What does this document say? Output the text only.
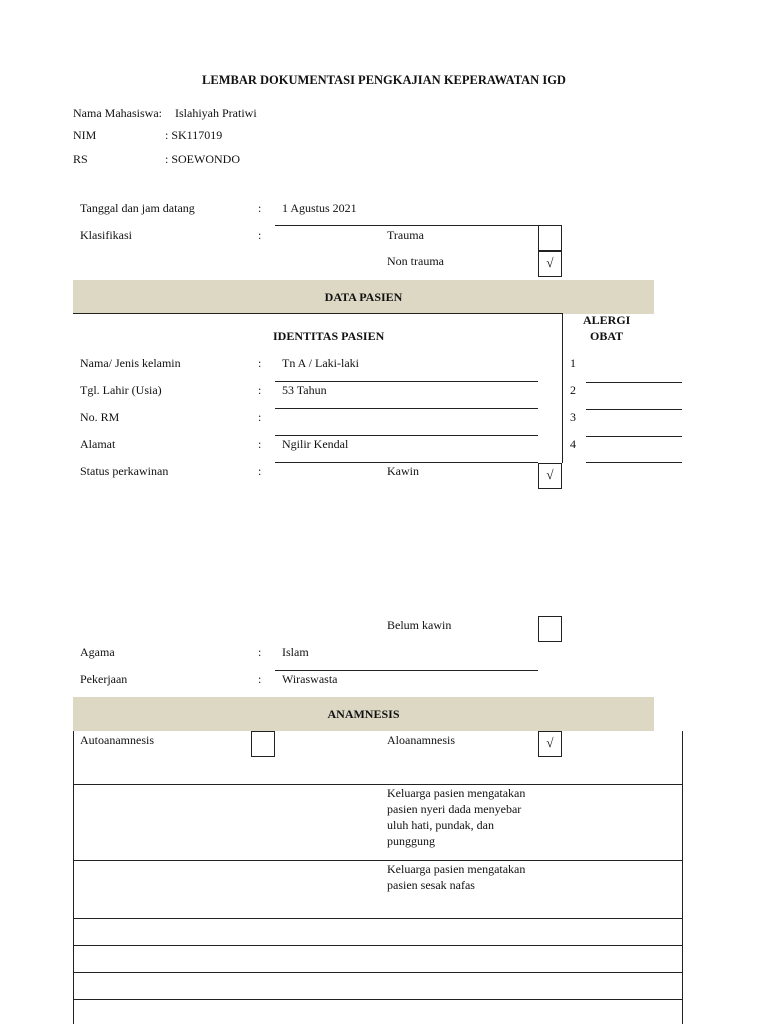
LEMBAR DOKUMENTASI PENGKAJIAN KEPERAWATAN IGD
Nama Mahasiswa: Islahiyah Pratiwi
NIM	: SK117019
RS	: SOEWONDO
Tanggal dan jam datang	: 1 Agustus 2021
Klasifikasi	:	Trauma
Non trauma	√
DATA PASIEN
IDENTITAS PASIEN
ALERGI
OBAT
1
2
3
4
Nama/ Jenis kelamin	: Tn A / Laki-laki
Tgl. Lahir (Usia)	: 53 Tahun
No. RM	:
Alamat	: Ngilir Kendal
Status perkawinan	:	Kawin	√
Belum kawin
Agama	: Islam
Pekerjaan	: Wiraswasta
ANAMNESIS
Autoanamnesis	Aloanamnesis	√
Keluarga pasien mengatakan pasien nyeri dada menyebar uluh hati, pundak, dan punggung
Keluarga pasien mengatakan pasien sesak nafas
